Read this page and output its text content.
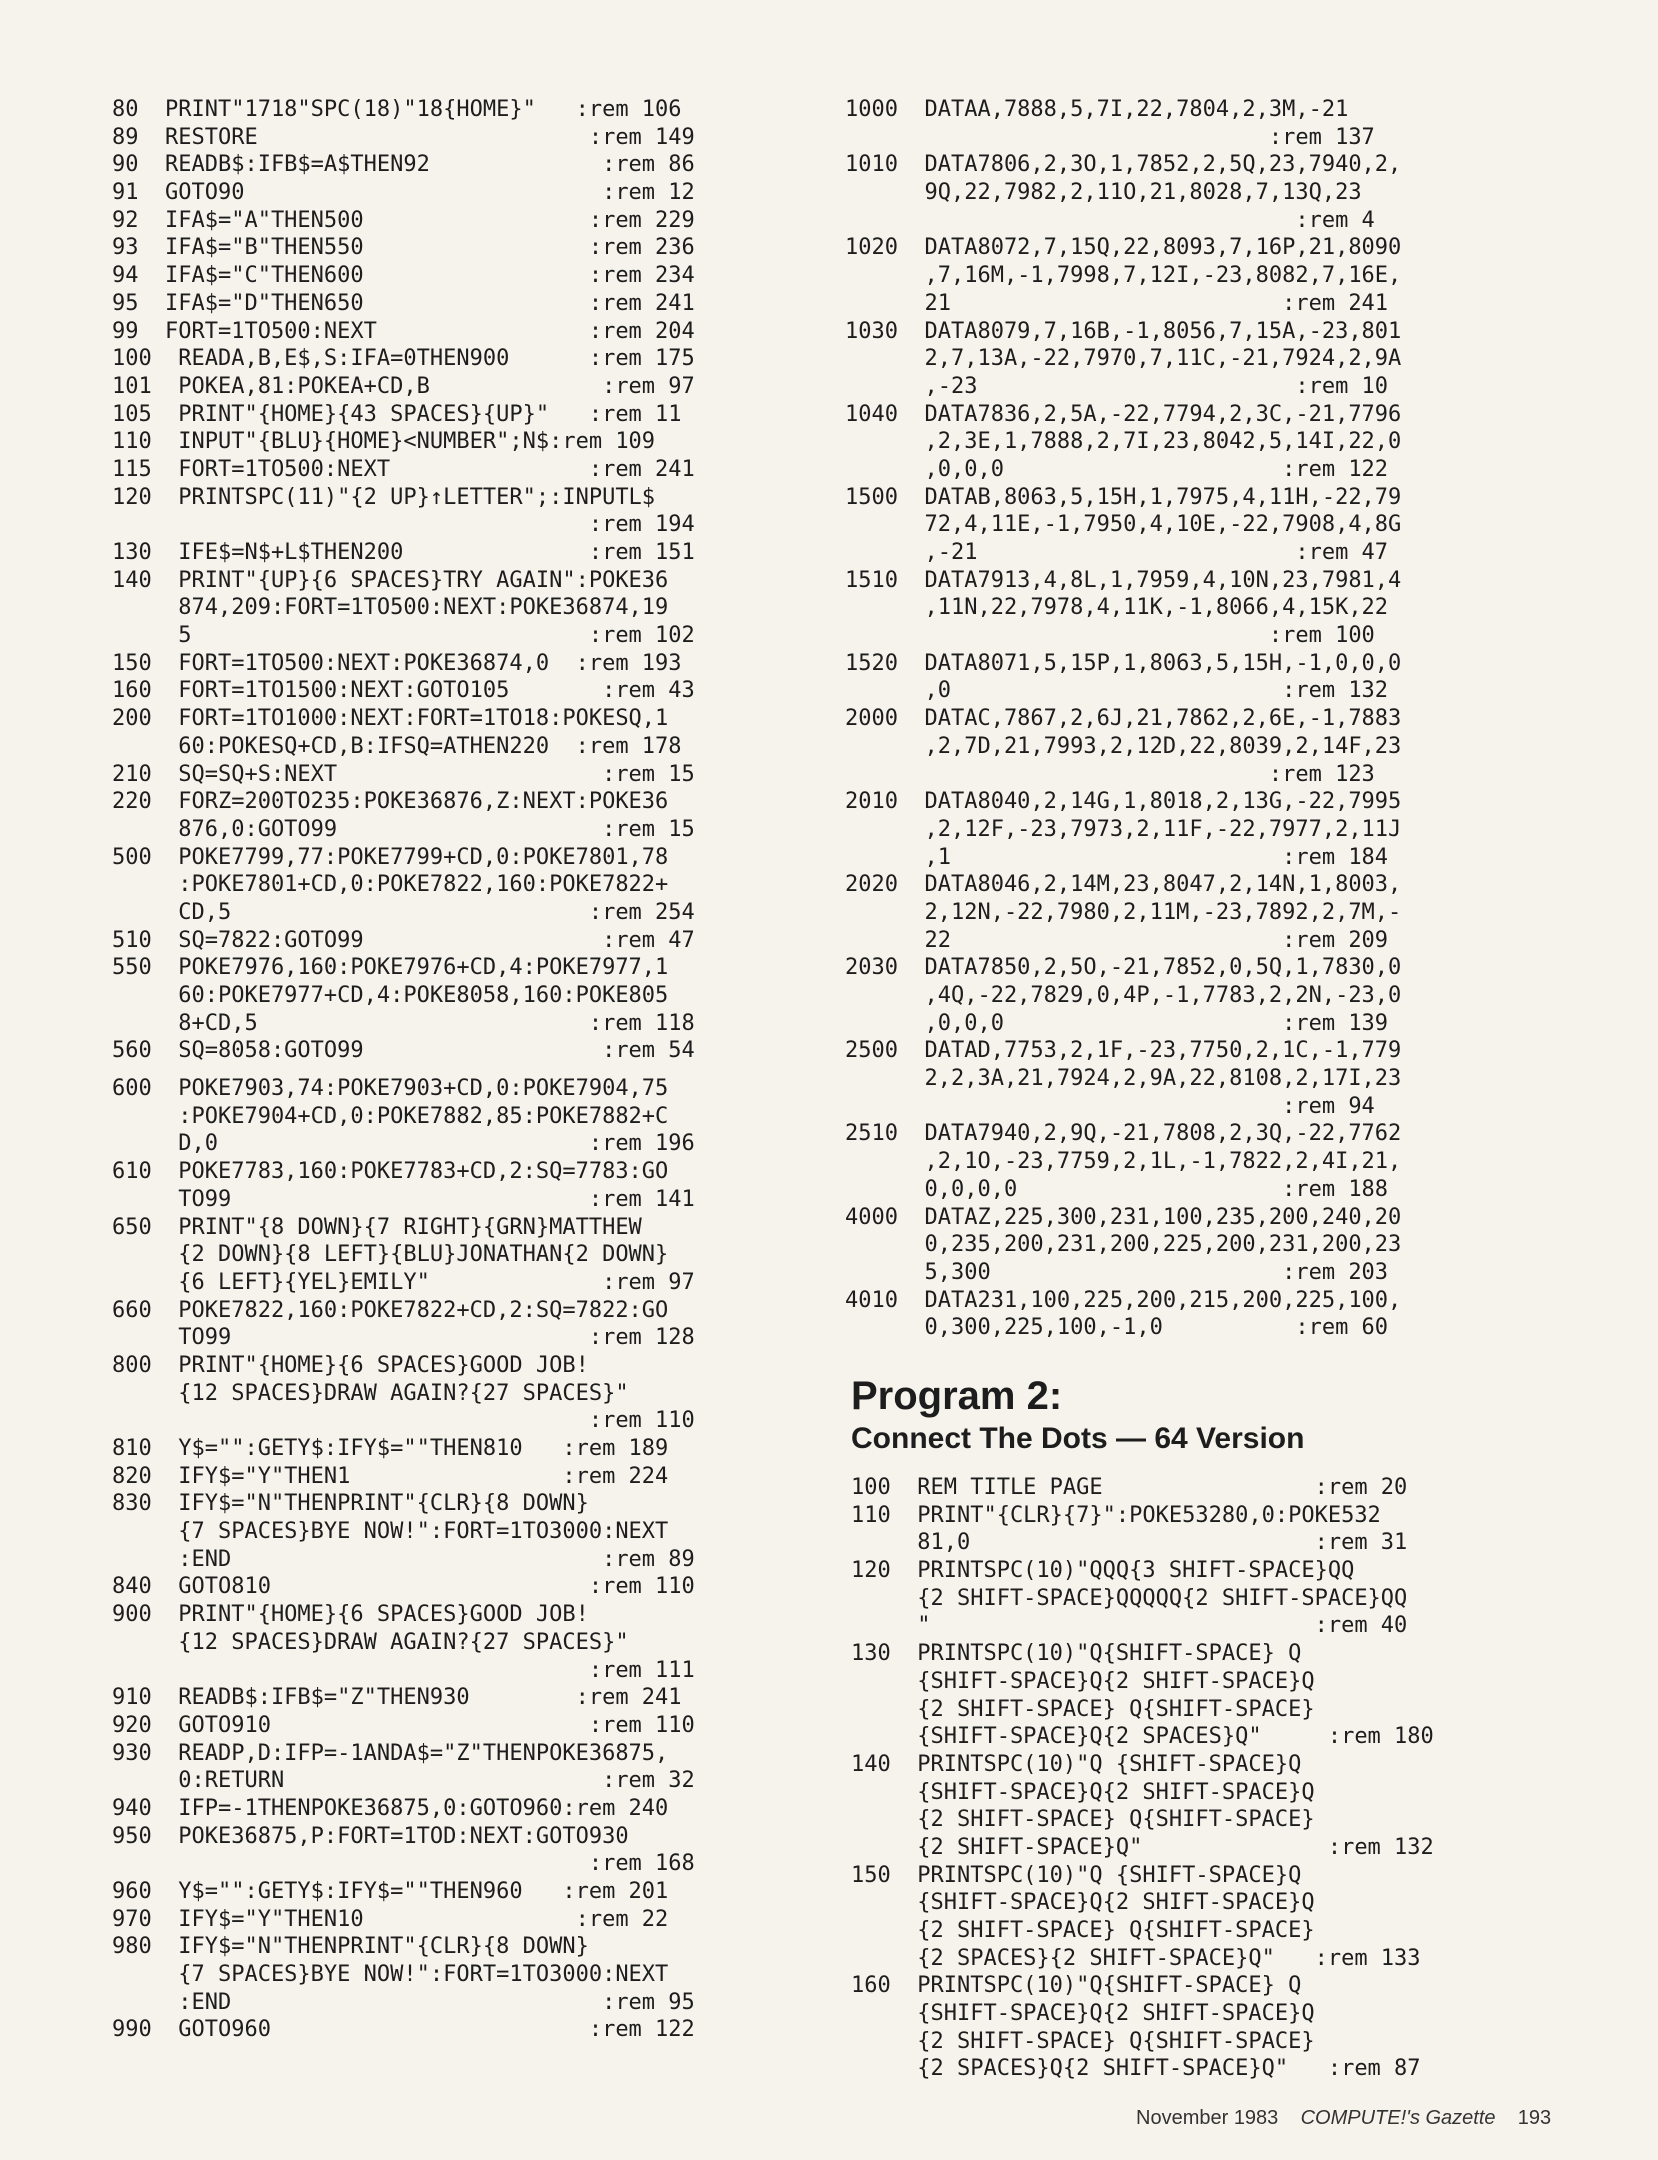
80  PRINT"1718"SPC(18)"18{HOME}"   :rem 106
89  RESTORE                         :rem 149
90  READB$:IFB$=A$THEN92             :rem 86
91  GOTO90                           :rem 12
92  IFA$="A"THEN500                 :rem 229
93  IFA$="B"THEN550                 :rem 236
94  IFA$="C"THEN600                 :rem 234
95  IFA$="D"THEN650                 :rem 241
99  FORT=1TO500:NEXT                :rem 204
100  READA,B,E$,S:IFA=0THEN900      :rem 175
101  POKEA,81:POKEA+CD,B             :rem 97
105  PRINT"{HOME}{43 SPACES}{UP}"   :rem 11
110  INPUT"{BLU}{HOME}<NUMBER";N$:rem 109
115  FORT=1TO500:NEXT               :rem 241
120  PRINTSPC(11)"{2 UP}↑LETTER";:INPUTL$
:rem 194
130  IFE$=N$+L$THEN200              :rem 151
140  PRINT"{UP}{6 SPACES}TRY AGAIN":POKE36
874,209:FORT=1TO500:NEXT:POKE36874,19
5                              :rem 102
150  FORT=1TO500:NEXT:POKE36874,0  :rem 193
160  FORT=1TO1500:NEXT:GOTO105       :rem 43
200  FORT=1TO1000:NEXT:FORT=1TO18:POKESQ,1
60:POKESQ+CD,B:IFSQ=ATHEN220  :rem 178
210  SQ=SQ+S:NEXT                    :rem 15
220  FORZ=200TO235:POKE36876,Z:NEXT:POKE36
876,0:GOTO99                    :rem 15
500  POKE7799,77:POKE7799+CD,0:POKE7801,78
:POKE7801+CD,0:POKE7822,160:POKE7822+
CD,5                           :rem 254
510  SQ=7822:GOTO99                  :rem 47
550  POKE7976,160:POKE7976+CD,4:POKE7977,1
60:POKE7977+CD,4:POKE8058,160:POKE805
8+CD,5                         :rem 118
560  SQ=8058:GOTO99                  :rem 54
600  POKE7903,74:POKE7903+CD,0:POKE7904,75
:POKE7904+CD,0:POKE7882,85:POKE7882+C
D,0                            :rem 196
610  POKE7783,160:POKE7783+CD,2:SQ=7783:GO
TO99                           :rem 141
650  PRINT"{8 DOWN}{7 RIGHT}{GRN}MATTHEW
{2 DOWN}{8 LEFT}{BLU}JONATHAN{2 DOWN}
{6 LEFT}{YEL}EMILY"             :rem 97
660  POKE7822,160:POKE7822+CD,2:SQ=7822:GO
TO99                           :rem 128
800  PRINT"{HOME}{6 SPACES}GOOD JOB!
{12 SPACES}DRAW AGAIN?{27 SPACES}"
:rem 110
810  Y$="":GETY$:IFY$=""THEN810   :rem 189
820  IFY$="Y"THEN1                :rem 224
830  IFY$="N"THENPRINT"{CLR}{8 DOWN}
{7 SPACES}BYE NOW!":FORT=1TO3000:NEXT
:END                            :rem 89
840  GOTO810                        :rem 110
900  PRINT"{HOME}{6 SPACES}GOOD JOB!
{12 SPACES}DRAW AGAIN?{27 SPACES}"
:rem 111
910  READB$:IFB$="Z"THEN930        :rem 241
920  GOTO910                        :rem 110
930  READP,D:IFP=-1ANDA$="Z"THENPOKE36875,
0:RETURN                        :rem 32
940  IFP=-1THENPOKE36875,0:GOTO960:rem 240
950  POKE36875,P:FORT=1TOD:NEXT:GOTO930
:rem 168
960  Y$="":GETY$:IFY$=""THEN960   :rem 201
970  IFY$="Y"THEN10                :rem 22
980  IFY$="N"THENPRINT"{CLR}{8 DOWN}
{7 SPACES}BYE NOW!":FORT=1TO3000:NEXT
:END                            :rem 95
990  GOTO960                        :rem 122
1000  DATAA,7888,5,7I,22,7804,2,3M,-21
:rem 137
1010  DATA7806,2,3O,1,7852,2,5Q,23,7940,2,
9Q,22,7982,2,11O,21,8028,7,13Q,23
:rem 4
1020  DATA8072,7,15Q,22,8093,7,16P,21,8090
,7,16M,-1,7998,7,12I,-23,8082,7,16E,
21                         :rem 241
1030  DATA8079,7,16B,-1,8056,7,15A,-23,801
2,7,13A,-22,7970,7,11C,-21,7924,2,9A
,-23                        :rem 10
1040  DATA7836,2,5A,-22,7794,2,3C,-21,7796
,2,3E,1,7888,2,7I,23,8042,5,14I,22,0
,0,0,0                     :rem 122
1500  DATAB,8063,5,15H,1,7975,4,11H,-22,79
72,4,11E,-1,7950,4,10E,-22,7908,4,8G
,-21                        :rem 47
1510  DATA7913,4,8L,1,7959,4,10N,23,7981,4
,11N,22,7978,4,11K,-1,8066,4,15K,22
:rem 100
1520  DATA8071,5,15P,1,8063,5,15H,-1,0,0,0
,0                         :rem 132
2000  DATAC,7867,2,6J,21,7862,2,6E,-1,7883
,2,7D,21,7993,2,12D,22,8039,2,14F,23
:rem 123
2010  DATA8040,2,14G,1,8018,2,13G,-22,7995
,2,12F,-23,7973,2,11F,-22,7977,2,11J
,1                         :rem 184
2020  DATA8046,2,14M,23,8047,2,14N,1,8003,
2,12N,-22,7980,2,11M,-23,7892,2,7M,-
22                         :rem 209
2030  DATA7850,2,5O,-21,7852,0,5Q,1,7830,0
,4Q,-22,7829,0,4P,-1,7783,2,2N,-23,0
,0,0,0                     :rem 139
2500  DATAD,7753,2,1F,-23,7750,2,1C,-1,779
2,2,3A,21,7924,2,9A,22,8108,2,17I,23
:rem 94
2510  DATA7940,2,9Q,-21,7808,2,3Q,-22,7762
,2,1O,-23,7759,2,1L,-1,7822,2,4I,21,
0,0,0,0                    :rem 188
4000  DATAZ,225,300,231,100,235,200,240,20
0,235,200,231,200,225,200,231,200,23
5,300                      :rem 203
4010  DATA231,100,225,200,215,200,225,100,
0,300,225,100,-1,0          :rem 60
Program 2:
Connect The Dots — 64 Version
100  REM TITLE PAGE                :rem 20
110  PRINT"{CLR}{7}":POKE53280,0:POKE532
81,0                          :rem 31
120  PRINTSPC(10)"QQQ{3 SHIFT-SPACE}QQ
{2 SHIFT-SPACE}QQQQQ{2 SHIFT-SPACE}QQ
"                             :rem 40
130  PRINTSPC(10)"Q{SHIFT-SPACE} Q
{SHIFT-SPACE}Q{2 SHIFT-SPACE}Q
{2 SHIFT-SPACE} Q{SHIFT-SPACE}
{SHIFT-SPACE}Q{2 SPACES}Q"     :rem 180
140  PRINTSPC(10)"Q {SHIFT-SPACE}Q
{SHIFT-SPACE}Q{2 SHIFT-SPACE}Q
{2 SHIFT-SPACE} Q{SHIFT-SPACE}
{2 SHIFT-SPACE}Q"              :rem 132
150  PRINTSPC(10)"Q {SHIFT-SPACE}Q
{SHIFT-SPACE}Q{2 SHIFT-SPACE}Q
{2 SHIFT-SPACE} Q{SHIFT-SPACE}
{2 SPACES}{2 SHIFT-SPACE}Q"   :rem 133
160  PRINTSPC(10)"Q{SHIFT-SPACE} Q
{SHIFT-SPACE}Q{2 SHIFT-SPACE}Q
{2 SHIFT-SPACE} Q{SHIFT-SPACE}
{2 SPACES}Q{2 SHIFT-SPACE}Q"   :rem 87
November 1983 COMPUTE!'s Gazette 193
